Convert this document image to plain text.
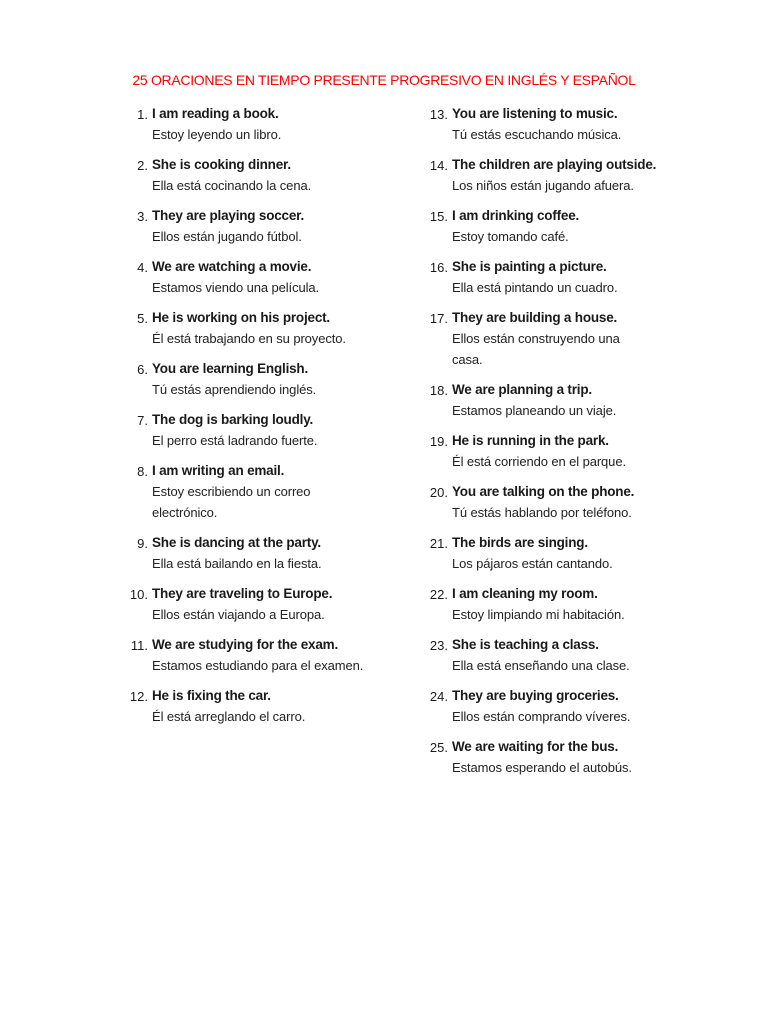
25 ORACIONES EN TIEMPO PRESENTE PROGRESIVO EN INGLÉS Y ESPAÑOL
1. I am reading a book.
Estoy leyendo un libro.
2. She is cooking dinner.
Ella está cocinando la cena.
3. They are playing soccer.
Ellos están jugando fútbol.
4. We are watching a movie.
Estamos viendo una película.
5. He is working on his project.
Él está trabajando en su proyecto.
6. You are learning English.
Tú estás aprendiendo inglés.
7. The dog is barking loudly.
El perro está ladrando fuerte.
8. I am writing an email.
Estoy escribiendo un correo electrónico.
9. She is dancing at the party.
Ella está bailando en la fiesta.
10. They are traveling to Europe.
Ellos están viajando a Europa.
11. We are studying for the exam.
Estamos estudiando para el examen.
12. He is fixing the car.
Él está arreglando el carro.
13. You are listening to music.
Tú estás escuchando música.
14. The children are playing outside.
Los niños están jugando afuera.
15. I am drinking coffee.
Estoy tomando café.
16. She is painting a picture.
Ella está pintando un cuadro.
17. They are building a house.
Ellos están construyendo una casa.
18. We are planning a trip.
Estamos planeando un viaje.
19. He is running in the park.
Él está corriendo en el parque.
20. You are talking on the phone.
Tú estás hablando por teléfono.
21. The birds are singing.
Los pájaros están cantando.
22. I am cleaning my room.
Estoy limpiando mi habitación.
23. She is teaching a class.
Ella está enseñando una clase.
24. They are buying groceries.
Ellos están comprando víveres.
25. We are waiting for the bus.
Estamos esperando el autobús.
